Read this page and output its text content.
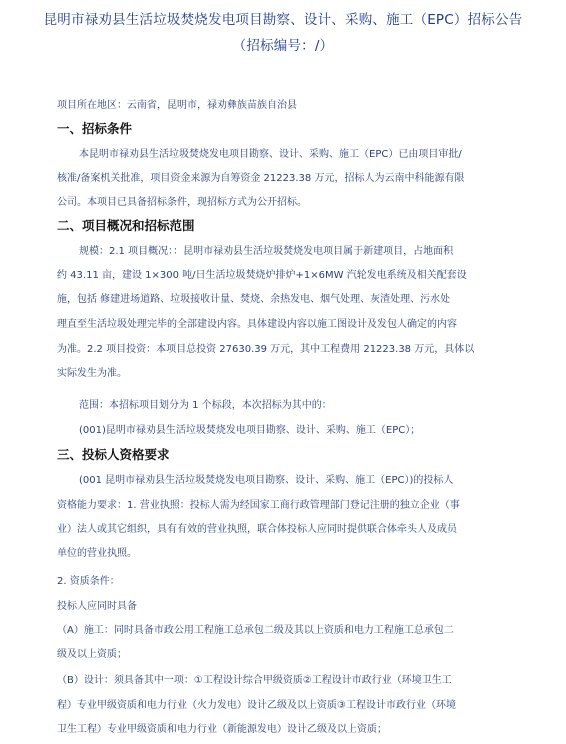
昆明市禄劝县生活垃圾焚烧发电项目勘察、设计、采购、施工（EPC）招标公告
（招标编号：/）
项目所在地区：云南省，昆明市，禄劝彝族苗族自治县
一、招标条件
本昆明市禄劝县生活垃圾焚烧发电项目勘察、设计、采购、施工（EPC）已由项目审批/
核准/备案机关批准，项目资金来源为自筹资金 21223.38 万元，招标人为云南中科能源有限
公司。本项目已具备招标条件，现招标方式为公开招标。
二、项目概况和招标范围
规模：2.1 项目概况：：昆明市禄劝县生活垃圾焚烧发电项目属于新建项目，占地面积
约 43.11 亩，建设 1×300 吨/日生活垃圾焚烧炉排炉+1×6MW 汽轮发电系统及相关配套设
施，包括 修建进场道路、垃圾接收计量、焚烧、余热发电、烟气处理、灰渣处理、污水处
理直至生活垃圾处理完毕的全部建设内容。具体建设内容以施工图设计及发包人确定的内容
为准。2.2 项目投资：本项目总投资 27630.39 万元，其中工程费用 21223.38 万元，具体以
实际发生为准。
范围：本招标项目划分为 1 个标段，本次招标为其中的：
(001)昆明市禄劝县生活垃圾焚烧发电项目勘察、设计、采购、施工（EPC）；
三、投标人资格要求
(001 昆明市禄劝县生活垃圾焚烧发电项目勘察、设计、采购、施工（EPC）)的投标人
资格能力要求：1. 营业执照：投标人需为经国家工商行政管理部门登记注册的独立企业（事
业）法人或其它组织，具有有效的营业执照，联合体投标人应同时提供联合体牵头人及成员
单位的营业执照。
2. 资质条件：
投标人应同时具备
（A）施工：同时具备市政公用工程施工总承包二级及其以上资质和电力工程施工总承包二
级及以上资质；
（B）设计：须具备其中一项：①工程设计综合甲级资质②工程设计市政行业（环境卫生工
程）专业甲级资质和电力行业（火力发电）设计乙级及以上资质③工程设计市政行业（环境
卫生工程）专业甲级资质和电力行业（新能源发电）设计乙级及以上资质；
